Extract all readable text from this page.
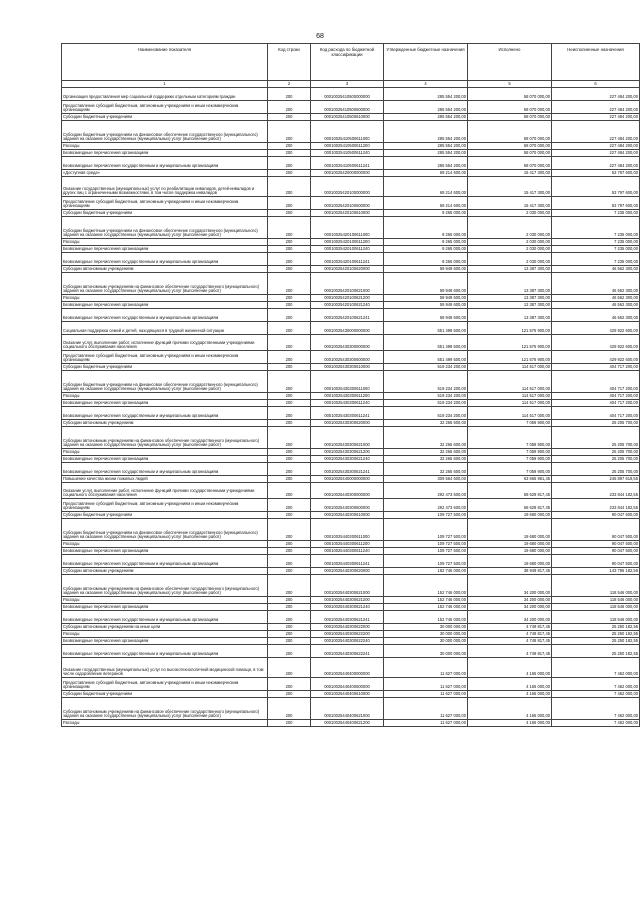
68
Наименование показателя	Код строки	Код расхода по бюджетной классификации	Утвержденные бюджетные назначения	Исполнено	Неисполненные назначения
1	2	3	4	5	6
Организация предоставления мер социальной поддержки отдельным категориям граждан	200	00010025410500000000	285 554 200,00	58 070 000,00	227 484 200,00
Предоставление субсидий бюджетным, автономным учреждениям и иным некоммерческим организациям	200	00010025410500600000	285 554 200,00	58 070 000,00	227 484 200,00
Субсидии бюджетным учреждениям	200	00010025410500610000	285 554 200,00	58 070 000,00	227 484 200,00
Субсидии бюджетным учреждениям на финансовое обеспечение государственного (муниципального) задания на оказание государственных (муниципальных) услуг (выполнение работ)	200	00010025410500611000	285 554 200,00	58 070 000,00	227 484 200,00
Расходы	200	00010025410500611200	285 554 200,00	58 070 000,00	227 484 200,00
Безвозмездные перечисления организациям	200	00010025410500611240	285 554 200,00	58 070 000,00	227 484 200,00
Безвозмездные перечисления государственным и муниципальным организациям	200	00010025410500611241	285 554 200,00	58 070 000,00	227 484 200,00
«Доступная среда»	200	00010025420000000000	69 214 600,00	15 417 300,00	53 797 600,00
Оказание государственных (муниципальных) услуг по реабилитации инвалидов, детей-инвалидов и других лиц с ограниченными возможностями, в том числе поддержка инвалидов	200	00010025420100000000	69 214 600,00	15 417 300,00	53 797 600,00
Предоставление субсидий бюджетным, автономным учреждениям и иным некоммерческим организациям	200	00010025420100600000	69 214 600,00	15 417 300,00	53 797 600,00
Субсидии бюджетным учреждениям	200	00010025420100610000	9 265 000,00	2 030 000,00	7 235 000,00
Субсидии бюджетным учреждениям на финансовое обеспечение государственного (муниципального) задания на оказание государственных (муниципальных) услуг (выполнение работ)	200	00010025420100611000	9 265 000,00	2 030 000,00	7 235 000,00
Расходы	200	00010025420100611200	9 265 000,00	2 030 000,00	7 235 000,00
Безвозмездные перечисления организациям	200	00010025420100611240	9 265 000,00	2 030 000,00	7 235 000,00
Безвозмездные перечисления государственным и муниципальным организациям	200	00010025420100611241	9 265 000,00	2 030 000,00	7 235 000,00
Субсидии автономным учреждениям	200	00010025420100620000	59 949 600,00	13 387 300,00	46 562 300,00
Субсидии автономным учреждениям на финансовое обеспечение государственного (муниципального) задания на оказание государственных (муниципальных) услуг (выполнение работ)	200	00010025420100621000	59 949 600,00	13 387 300,00	46 562 300,00
Расходы	200	00010025420100621200	59 949 600,00	13 387 300,00	46 562 300,00
Безвозмездные перечисления организациям	200	00010025420100621240	59 949 600,00	13 387 300,00	46 562 300,00
Безвозмездные перечисления государственным и муниципальным организациям	200	00010025420100621241	59 949 600,00	13 387 300,00	46 562 300,00
Социальная поддержка семей и детей, находящихся в трудной жизненной ситуации	200	00010025430000000000	551 499 500,00	121 576 900,00	429 922 600,00
Оказание услуг, выполнение работ, исполнение функций прочими государственными учреждениями социального обслуживания населения	200	00010025430300000000	551 499 500,00	121 576 900,00	429 922 600,00
Предоставление субсидий бюджетным, автономным учреждениям и иным некоммерческим организациям	200	00010025430300600000	551 499 500,00	121 576 900,00	429 922 600,00
Субсидии бюджетным учреждениям	200	00010025430300610000	519 234 200,00	114 517 000,00	404 717 200,00
Субсидии бюджетным учреждениям на финансовое обеспечение государственного (муниципального) задания на оказание государственных (муниципальных) услуг (выполнение работ)	200	00010025430300611000	519 234 200,00	114 517 000,00	404 717 200,00
Расходы	200	00010025430300611200	519 234 200,00	114 517 000,00	404 717 200,00
Безвозмездные перечисления организациям	200	00010025430300611240	519 234 200,00	114 517 000,00	404 717 200,00
Безвозмездные перечисления государственным и муниципальным организациям	200	00010025430300611241	519 234 200,00	114 517 000,00	404 717 200,00
Субсидии автономным учреждениям	200	00010025430300620000	32 265 600,00	7 059 900,00	25 205 700,00
Субсидии автономным учреждениям на финансовое обеспечение государственного (муниципального) задания на оказание государственных (муниципальных) услуг (выполнение работ)	200	00010025430300621000	32 265 600,00	7 059 900,00	25 205 700,00
Расходы	200	00010025430300621200	32 265 600,00	7 059 900,00	25 205 700,00
Безвозмездные перечисления организациям	200	00010025430300621240	32 265 600,00	7 059 900,00	25 205 700,00
Безвозмездные перечисления государственным и муниципальным организациям	200	00010025430300621241	32 265 600,00	7 059 900,00	25 205 700,00
Повышение качества жизни пожилых людей	200	00010025440000000000	309 564 600,00	63 666 981,45	245 897 618,55
Оказание услуг, выполнение работ, исполнение функций прочими государственными учреждениями социального обслуживания населения	200	00010025440300000000	292 473 600,00	58 629 817,45	233 844 182,55
Предоставление субсидий бюджетным, автономным учреждениям и иным некоммерческим организациям	200	00010025440300600000	292 473 600,00	58 629 817,45	233 844 182,55
Субсидии бюджетным учреждениям	200	00010025440300610000	109 727 500,00	19 680 000,00	90 047 500,00
Субсидии бюджетным учреждениям на финансовое обеспечение государственного (муниципального) задания на оказание государственных (муниципальных) услуг (выполнение работ)	200	00010025440300611000	109 727 500,00	19 680 000,00	90 047 500,00
Расходы	200	00010025440300611200	109 727 500,00	19 680 000,00	90 047 500,00
Безвозмездные перечисления организациям	200	00010025440300611240	109 727 500,00	19 680 000,00	90 047 500,00
Безвозмездные перечисления государственным и муниципальным организациям	200	00010025440300611241	109 727 500,00	19 680 000,00	90 047 500,00
Субсидии автономным учреждениям	200	00010025440300620000	182 746 000,00	38 949 817,45	143 796 182,55
Субсидии автономным учреждениям на финансовое обеспечение государственного (муниципального) задания на оказание государственных (муниципальных) услуг (выполнение работ)	200	00010025440300621000	152 746 000,00	34 200 000,00	118 546 000,00
Расходы	200	00010025440300621200	152 746 000,00	34 200 000,00	118 546 000,00
Безвозмездные перечисления организациям	200	00010025440300621240	152 746 000,00	34 200 000,00	118 546 000,00
Безвозмездные перечисления государственным и муниципальным организациям	200	00010025440300621241	152 746 000,00	34 200 000,00	118 546 000,00
Субсидии автономным учреждениям на иные цели	200	00010025440300622000	30 000 000,00	4 749 817,45	25 250 182,55
Расходы	200	00010025440300622200	30 000 000,00	4 749 817,45	25 250 182,55
Безвозмездные перечисления организациям	200	00010025440300622240	30 000 000,00	4 749 817,45	25 250 182,55
Безвозмездные перечисления государственным и муниципальным организациям	200	00010025440300622241	30 000 000,00	4 749 817,45	25 250 182,55
Оказание государственных (муниципальных) услуг по высокотехнологичной медицинской помощи, в том числе оздоровление ветеранов	200	00010025440400000000	11 627 000,00	4 165 000,00	7 462 000,00
Предоставление субсидий бюджетным, автономным учреждениям и иным некоммерческим организациям	200	00010025440400600000	11 627 000,00	4 165 000,00	7 462 000,00
Субсидии бюджетным учреждениям	200	00010025440400610000	11 627 000,00	4 165 000,00	7 462 000,00
Субсидии автономным учреждениям на финансовое обеспечение государственного (муниципального) задания на оказание государственных (муниципальных) услуг (выполнение работ)	200	00010025440400621000	11 627 000,00	4 165 000,00	7 462 000,00
Расходы	200	00010025440400621200	11 627 000,00	4 165 000,00	7 462 000,00
